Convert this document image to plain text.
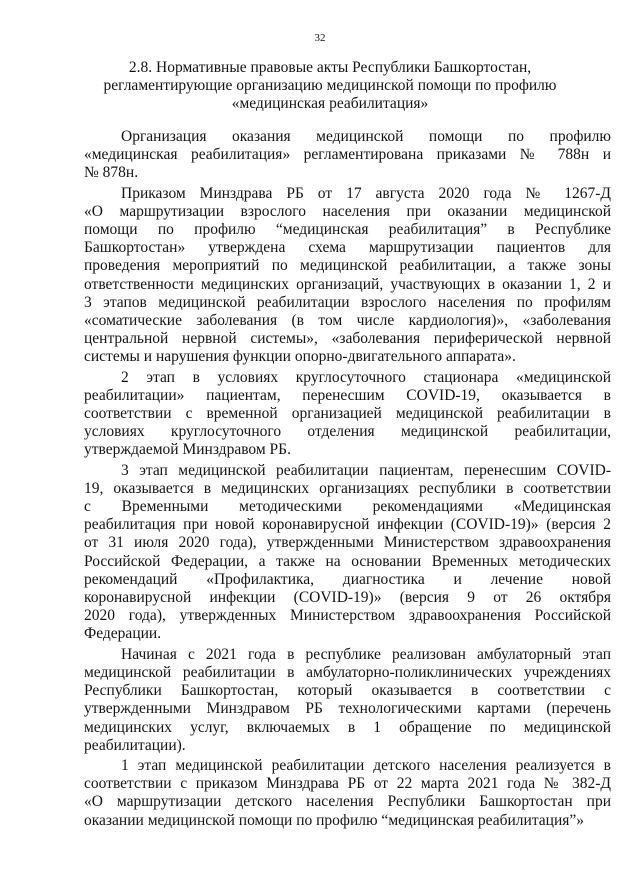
32
2.8. Нормативные правовые акты Республики Башкортостан,
регламентирующие организацию медицинской помощи по профилю
«медицинская реабилитация»
Организация оказания медицинской помощи по профилю
«медицинская реабилитация» регламентирована приказами № 788н и
№ 878н.
Приказом Минздрава РБ от 17 августа 2020 года № 1267-Д
«О маршрутизации взрослого населения при оказании медицинской
помощи по профилю “медицинская реабилитация” в Республике
Башкортостан» утверждена схема маршрутизации пациентов для
проведения мероприятий по медицинской реабилитации, а также зоны
ответственности медицинских организаций, участвующих в оказании 1, 2 и
3 этапов медицинской реабилитации взрослого населения по профилям
«соматические заболевания (в том числе кардиология)», «заболевания
центральной нервной системы», «заболевания периферической нервной
системы и нарушения функции опорно-двигательного аппарата».
2 этап в условиях круглосуточного стационара «медицинской
реабилитации» пациентам, перенесшим COVID-19, оказывается в
соответствии с временной организацией медицинской реабилитации в
условиях круглосуточного отделения медицинской реабилитации,
утверждаемой Минздравом РБ.
3 этап медицинской реабилитации пациентам, перенесшим COVID-
19, оказывается в медицинских организациях республики в соответствии
с Временными методическими рекомендациями «Медицинская
реабилитация при новой коронавирусной инфекции (COVID-19)» (версия 2
от 31 июля 2020 года), утвержденными Министерством здравоохранения
Российской Федерации, а также на основании Временных методических
рекомендаций «Профилактика, диагностика и лечение новой
коронавирусной инфекции (COVID-19)» (версия 9 от 26 октября
2020 года), утвержденных Министерством здравоохранения Российской
Федерации.
Начиная с 2021 года в республике реализован амбулаторный этап
медицинской реабилитации в амбулаторно-поликлинических учреждениях
Республики Башкортостан, который оказывается в соответствии с
утвержденными Минздравом РБ технологическими картами (перечень
медицинских услуг, включаемых в 1 обращение по медицинской
реабилитации).
1 этап медицинской реабилитации детского населения реализуется в
соответствии с приказом Минздрава РБ от 22 марта 2021 года № 382-Д
«О маршрутизации детского населения Республики Башкортостан при
оказании медицинской помощи по профилю “медицинская реабилитация”»
